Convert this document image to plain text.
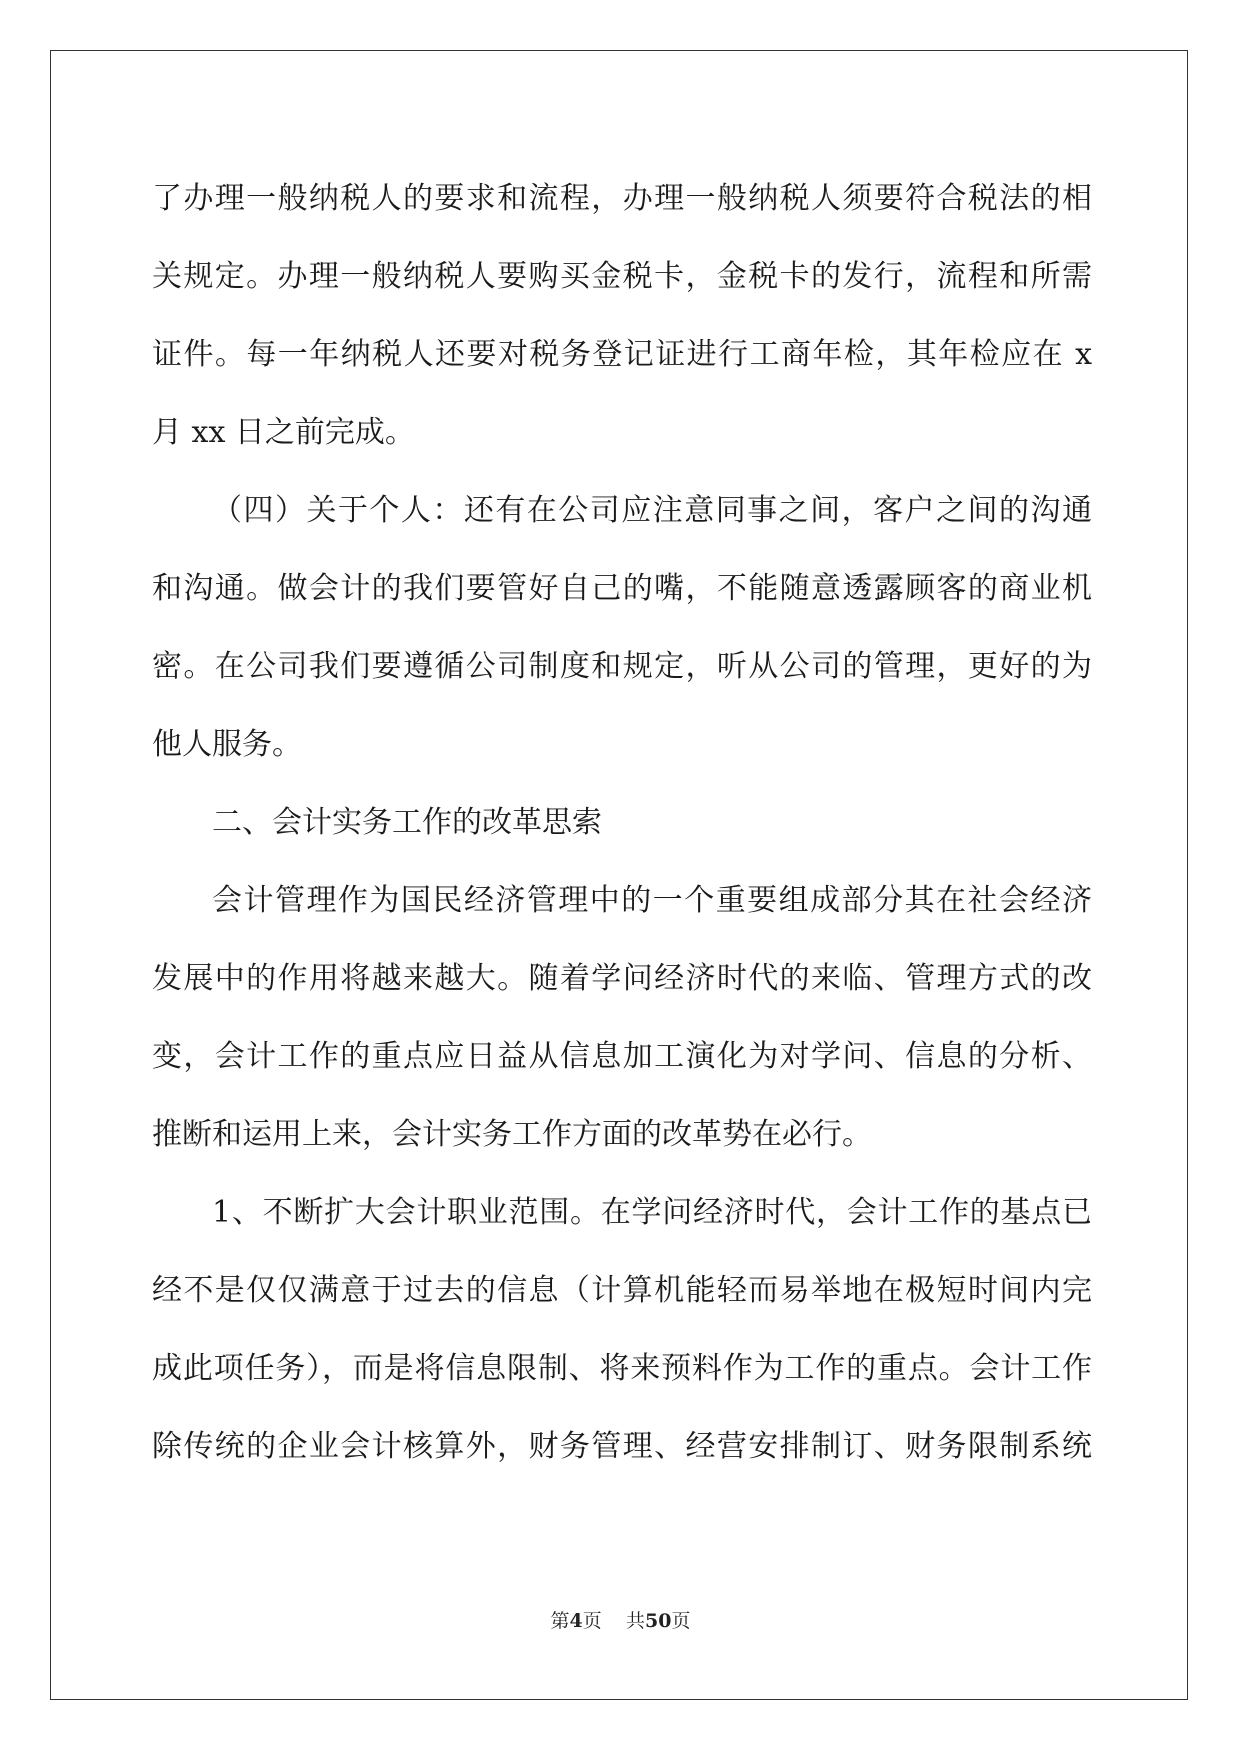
了办理一般纳税人的要求和流程，办理一般纳税人须要符合税法的相
关规定。办理一般纳税人要购买金税卡，金税卡的发行，流程和所需
证件。每一年纳税人还要对税务登记证进行工商年检，其年检应在 x
月 xx 日之前完成。
（四）关于个人：还有在公司应注意同事之间，客户之间的沟通
和沟通。做会计的我们要管好自己的嘴，不能随意透露顾客的商业机
密。在公司我们要遵循公司制度和规定，听从公司的管理，更好的为
他人服务。
二、会计实务工作的改革思索
会计管理作为国民经济管理中的一个重要组成部分其在社会经济
发展中的作用将越来越大。随着学问经济时代的来临、管理方式的改
变，会计工作的重点应日益从信息加工演化为对学问、信息的分析、
推断和运用上来，会计实务工作方面的改革势在必行。
1、不断扩大会计职业范围。在学问经济时代，会计工作的基点已
经不是仅仅满意于过去的信息（计算机能轻而易举地在极短时间内完
成此项任务），而是将信息限制、将来预料作为工作的重点。会计工作
除传统的企业会计核算外，财务管理、经营安排制订、财务限制系统
第4页 共50页
